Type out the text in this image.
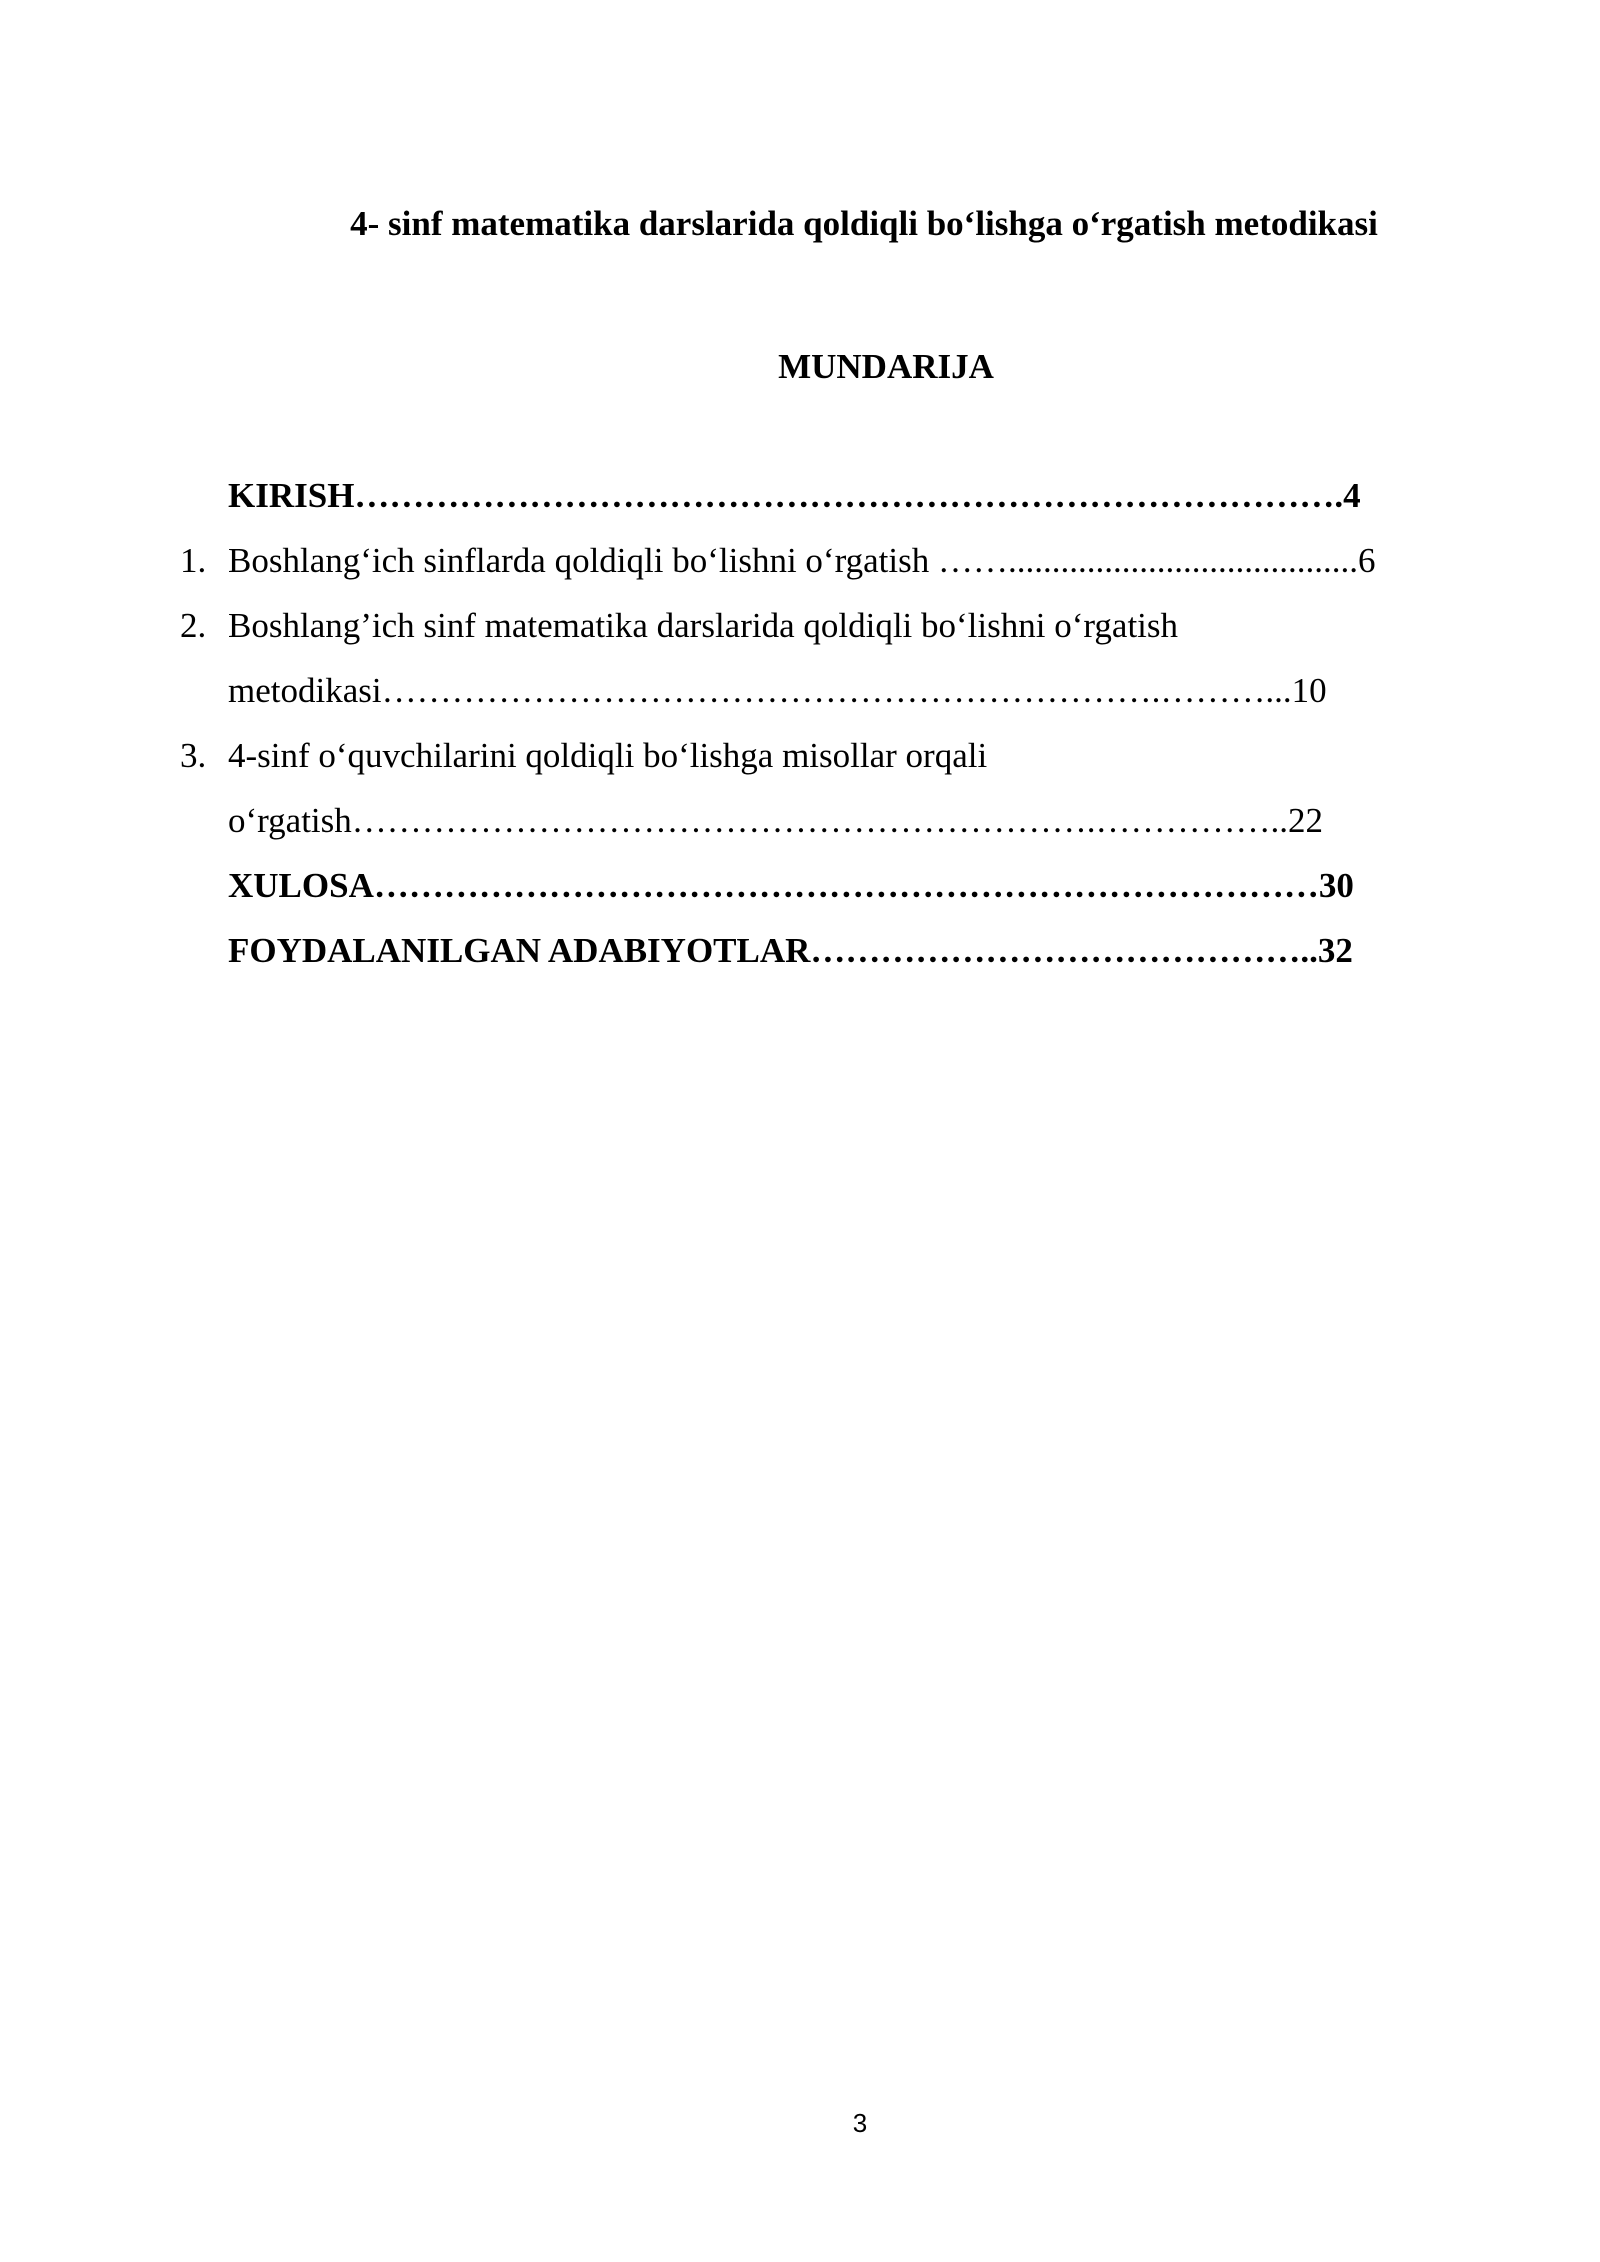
4- sinf matematika darslarida qoldiqli bo‘lishga o‘rgatish metodikasi
MUNDARIJA
KIRISH………………………………………………………………………….4
1. Boshlang‘ich sinflarda qoldiqli bo‘lishni o‘rgatish ……........................................6
2. Boshlang’ich sinf matematika darslarida qoldiqli bo‘lishni o‘rgatish
metodikasi………………………………………………………….………...10
3. 4-sinf o‘quvchilarini qoldiqli bo‘lishga misollar orqali
o‘rgatish……………………………………………………….……………..22
XULOSA………………………………………………………………………30
FOYDALANILGAN ADABIYOTLAR……………………………………..32
3
